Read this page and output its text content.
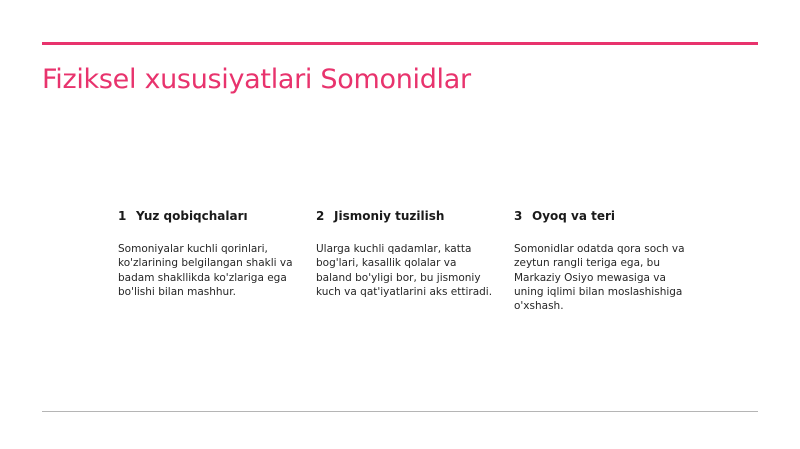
Fiziksel xususiyatlari Somonidlar
1 Yuz qobiqchaları

Somoniyalar kuchli qorinlari, ko'zlarining belgilangan shakli va badam shakllikda ko'zlariga ega bo'lishi bilan mashhur.

2 Jismoniy tuzilish

Ularga kuchli qadamlar, katta bog'lari, kasallik qolalar va baland bo'yligi bor, bu jismoniy kuch va qat'iyatlarini aks ettiradi.

3 Oyoq va teri

Somonidlar odatda qora soch va zeytun rangli teriga ega, bu Markaziy Osiyo mewasiga va uning iqlimi bilan moslashishiga o'xshash.
